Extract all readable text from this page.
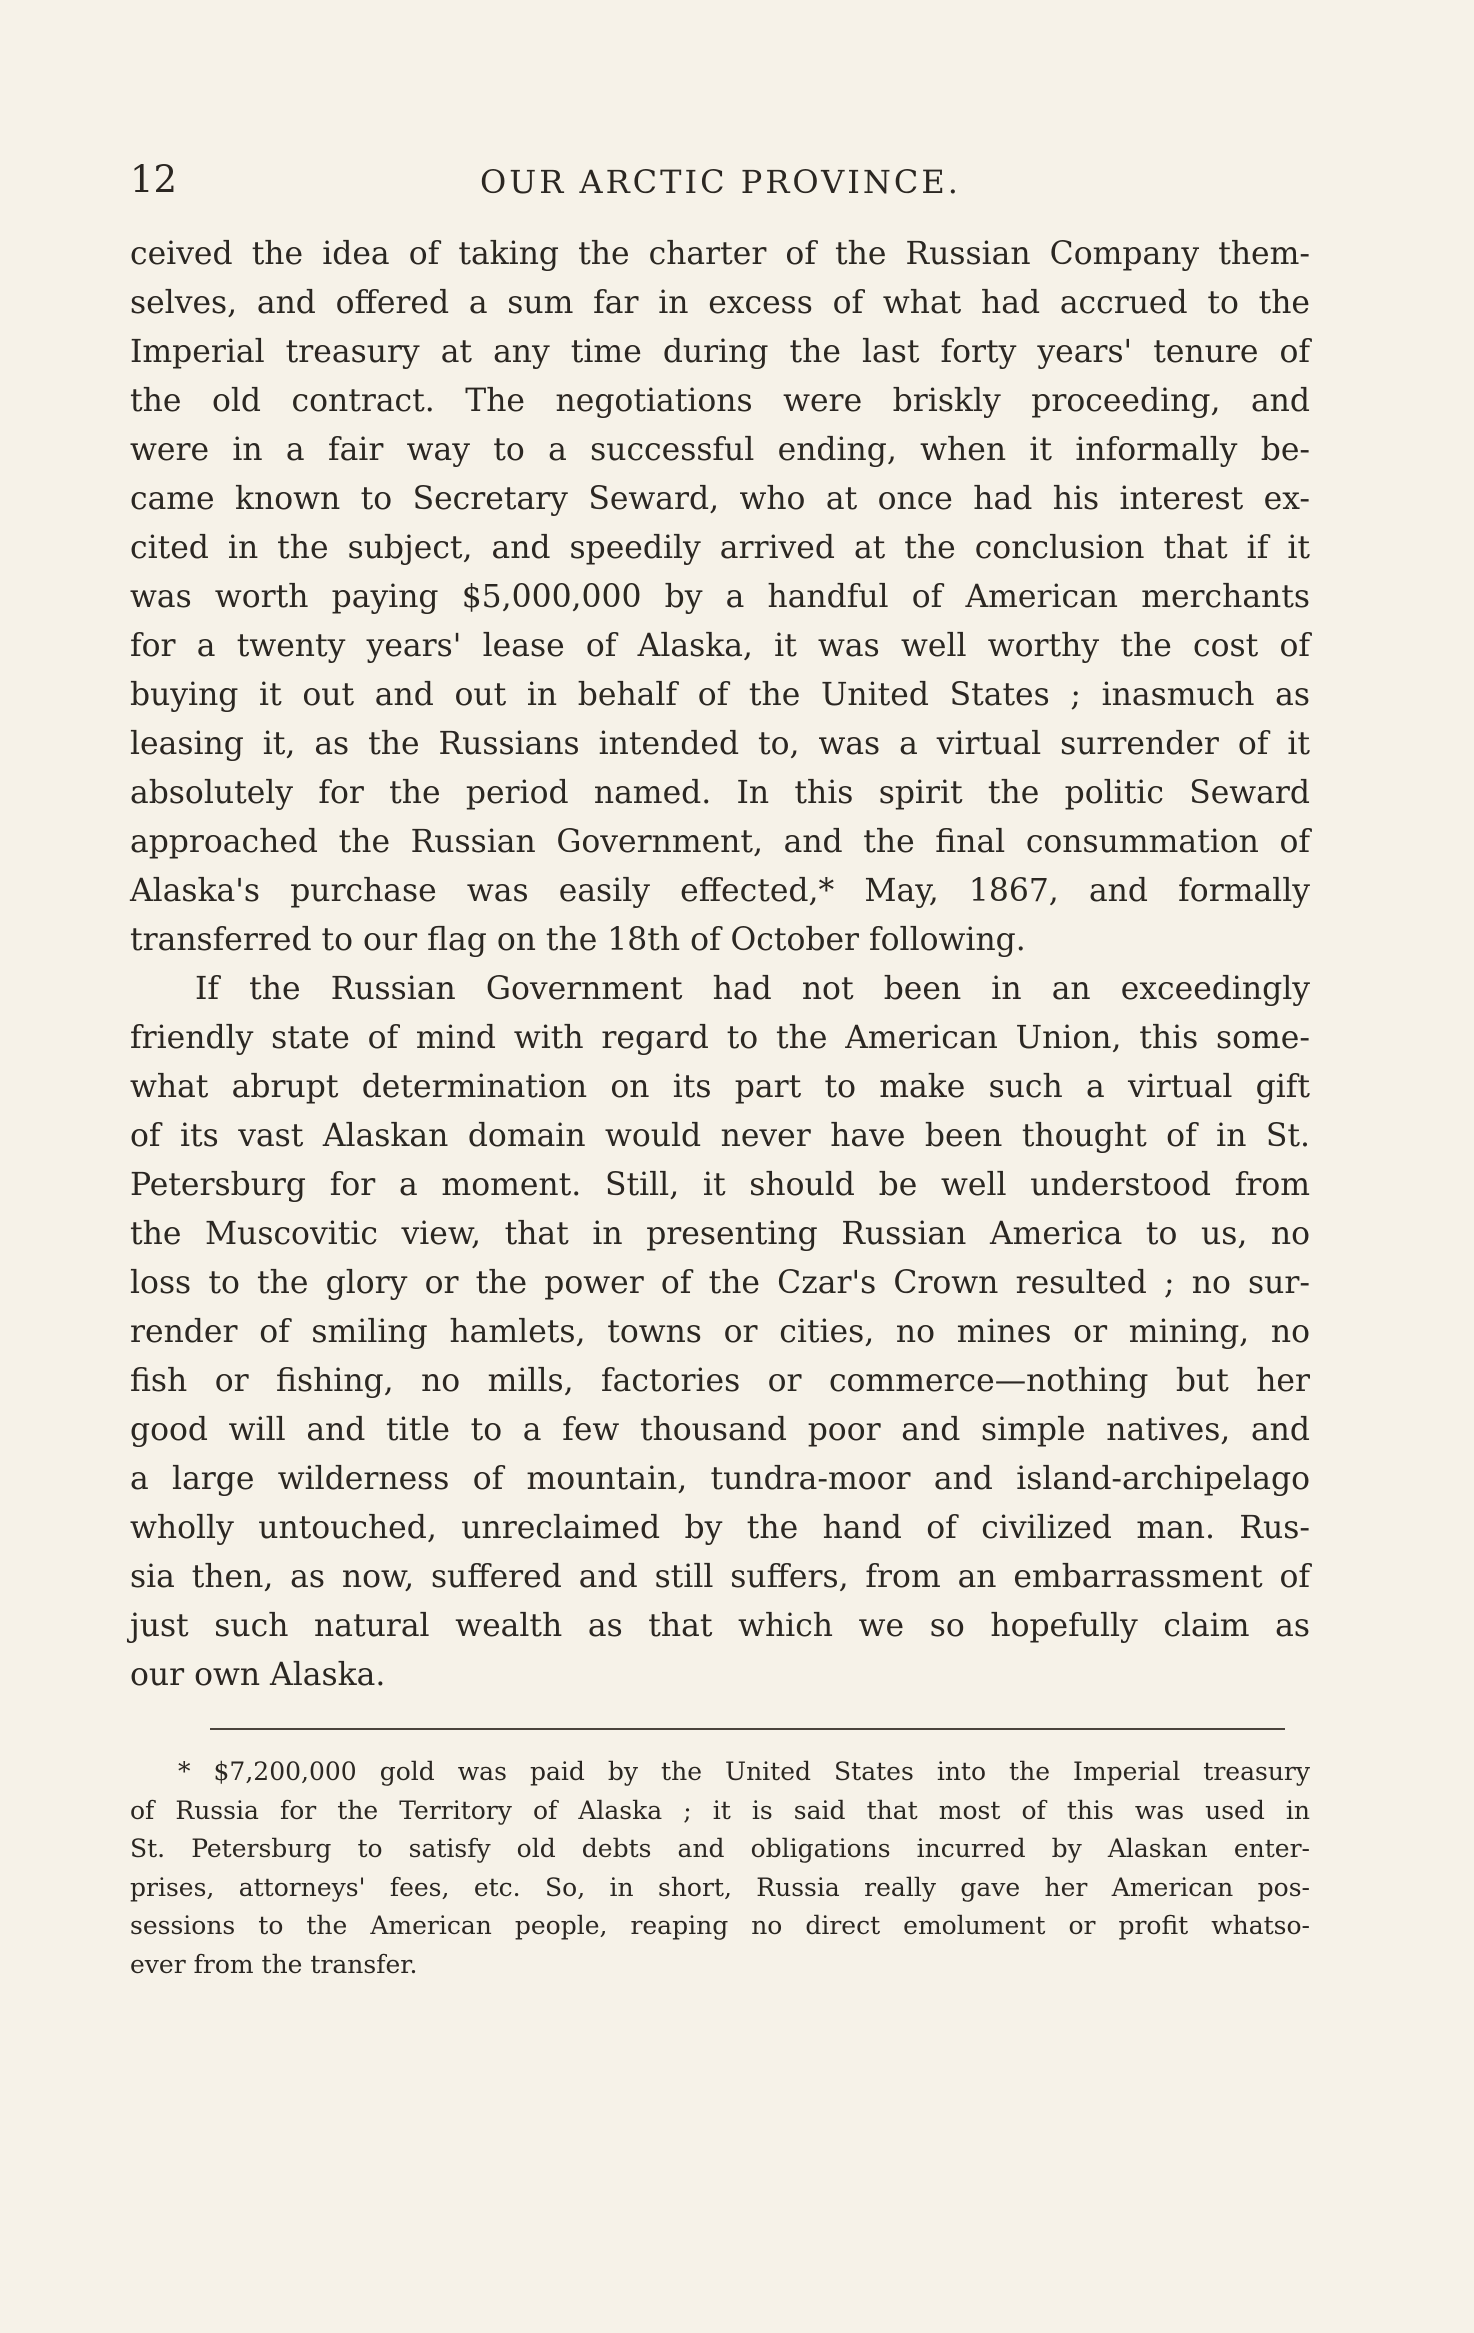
12	OUR ARCTIC PROVINCE.
ceived the idea of taking the charter of the Russian Company them-
selves, and offered a sum far in excess of what had accrued to the
Imperial treasury at any time during the last forty years' tenure of
the old contract. The negotiations were briskly proceeding, and
were in a fair way to a successful ending, when it informally be-
came known to Secretary Seward, who at once had his interest ex-
cited in the subject, and speedily arrived at the conclusion that if it
was worth paying $5,000,000 by a handful of American merchants
for a twenty years' lease of Alaska, it was well worthy the cost of
buying it out and out in behalf of the United States ; inasmuch as
leasing it, as the Russians intended to, was a virtual surrender of it
absolutely for the period named. In this spirit the politic Seward
approached the Russian Government, and the final consummation of
Alaska's purchase was easily effected,* May, 1867, and formally
transferred to our flag on the 18th of October following.
If the Russian Government had not been in an exceedingly
friendly state of mind with regard to the American Union, this some-
what abrupt determination on its part to make such a virtual gift
of its vast Alaskan domain would never have been thought of in St.
Petersburg for a moment. Still, it should be well understood from
the Muscovitic view, that in presenting Russian America to us, no
loss to the glory or the power of the Czar's Crown resulted ; no sur-
render of smiling hamlets, towns or cities, no mines or mining, no
fish or fishing, no mills, factories or commerce—nothing but her
good will and title to a few thousand poor and simple natives, and
a large wilderness of mountain, tundra-moor and island-archipelago
wholly untouched, unreclaimed by the hand of civilized man. Rus-
sia then, as now, suffered and still suffers, from an embarrassment of
just such natural wealth as that which we so hopefully claim as
our own Alaska.
* $7,200,000 gold was paid by the United States into the Imperial treasury
of Russia for the Territory of Alaska ; it is said that most of this was used in
St. Petersburg to satisfy old debts and obligations incurred by Alaskan enter-
prises, attorneys' fees, etc. So, in short, Russia really gave her American pos-
sessions to the American people, reaping no direct emolument or profit whatso-
ever from the transfer.
